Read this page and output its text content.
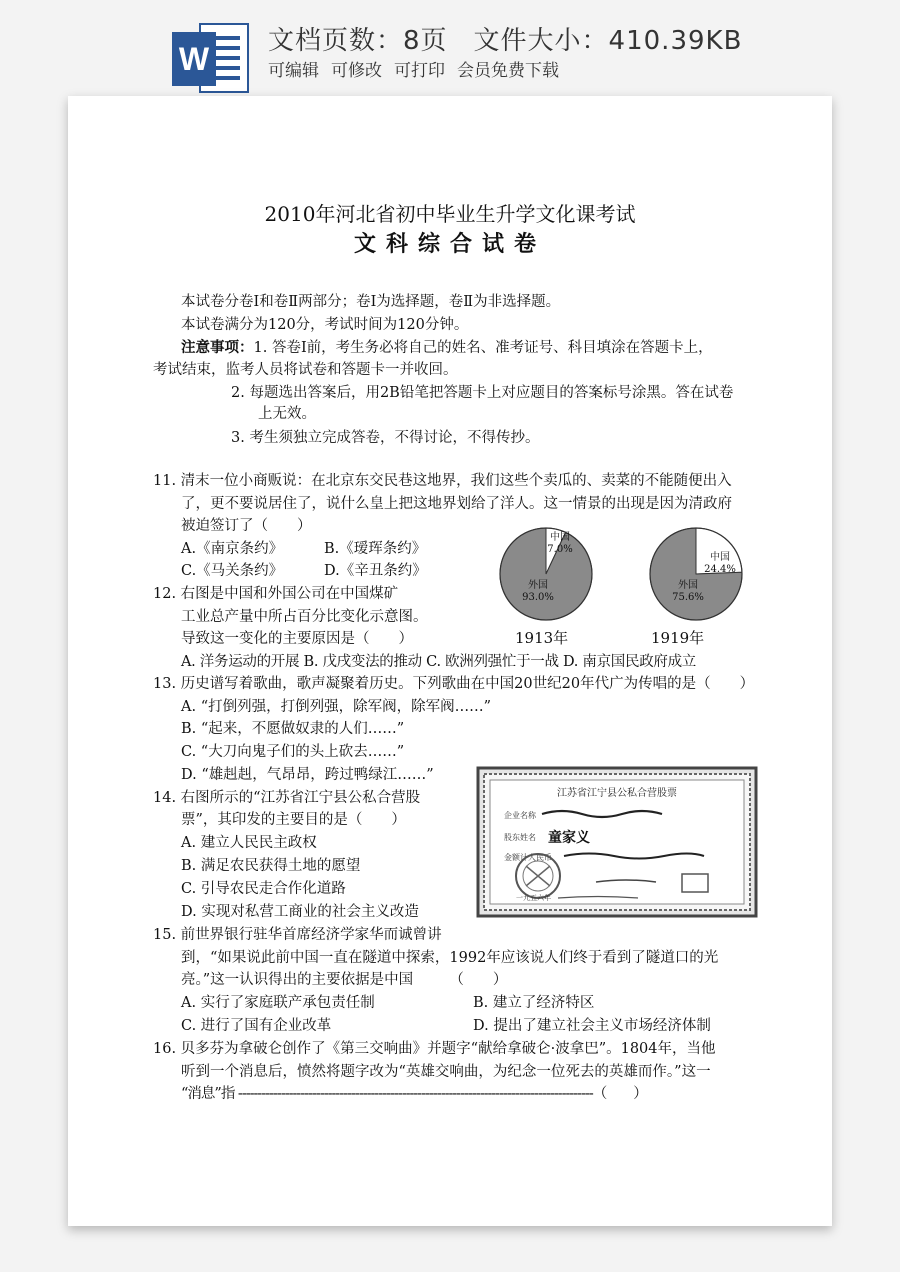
W 文档页数：8页 文件大小：410.39KB
可编辑 可修改 可打印 会员免费下载
2010年河北省初中毕业生升学文化课考试
文科综合试卷
本试卷分卷Ⅰ和卷Ⅱ两部分；卷Ⅰ为选择题，卷Ⅱ为非选择题。
本试卷满分为120分，考试时间为120分钟。
注意事项：1. 答卷Ⅰ前，考生务必将自己的姓名、准考证号、科目填涂在答题卡上，
考试结束，监考人员将试卷和答题卡一并收回。
2. 每题选出答案后，用2B铅笔把答题卡上对应题目的答案标号涂黑。答在试卷
上无效。
3. 考生须独立完成答卷，不得讨论，不得传抄。
11. 清末一位小商贩说：在北京东交民巷这地界，我们这些个卖瓜的、卖菜的不能随便出入
了，更不要说居住了，说什么皇上把这地界划给了洋人。这一情景的出现是因为清政府
被迫签订了（　　）
A.《南京条约》	B.《瑷珲条约》
C.《马关条约》	D.《辛丑条约》
12. 右图是中国和外国公司在中国煤矿
工业总产量中所占百分比变化示意图。
导致这一变化的主要原因是（　　）
A. 洋务运动的开展 B. 戊戌变法的推动 C. 欧洲列强忙于一战 D. 南京国民政府成立
中国
7.0%
外国
93.0%
中国
24.4%
外国
75.6%
1913年	1919年
13. 历史谱写着歌曲，歌声凝聚着历史。下列歌曲在中国20世纪20年代广为传唱的是（　　）
A. “打倒列强，打倒列强，除军阀，除军阀……”
B. “起来，不愿做奴隶的人们……”
C. “大刀向鬼子们的头上砍去……”
D. “雄赳赳，气昂昂，跨过鸭绿江……”
14. 右图所示的“江苏省江宁县公私合营股
票”，其印发的主要目的是（　　）
A. 建立人民民主政权
B. 满足农民获得土地的愿望
C. 引导农民走合作化道路
D. 实现对私营工商业的社会主义改造
江苏省江宁县公私合营股票
企业名称
股东姓名 童家义
金额计人民币
一九五六年
15. 前世界银行驻华首席经济学家华而诚曾讲
到，“如果说此前中国一直在隧道中探索，1992年应该说人们终于看到了隧道口的光
亮。”这一认识得出的主要依据是中国　　　（　　）
A. 实行了家庭联产承包责任制	B. 建立了经济特区
C. 进行了国有企业改革	D. 提出了建立社会主义市场经济体制
16. 贝多芬为拿破仑创作了《第三交响曲》并题字“献给拿破仑·波拿巴”。1804年，当他
听到一个消息后，愤然将题字改为“英雄交响曲，为纪念一位死去的英雄而作。”这一
“消息”指 -------------------------------------------------------------------------------------------（　　）
